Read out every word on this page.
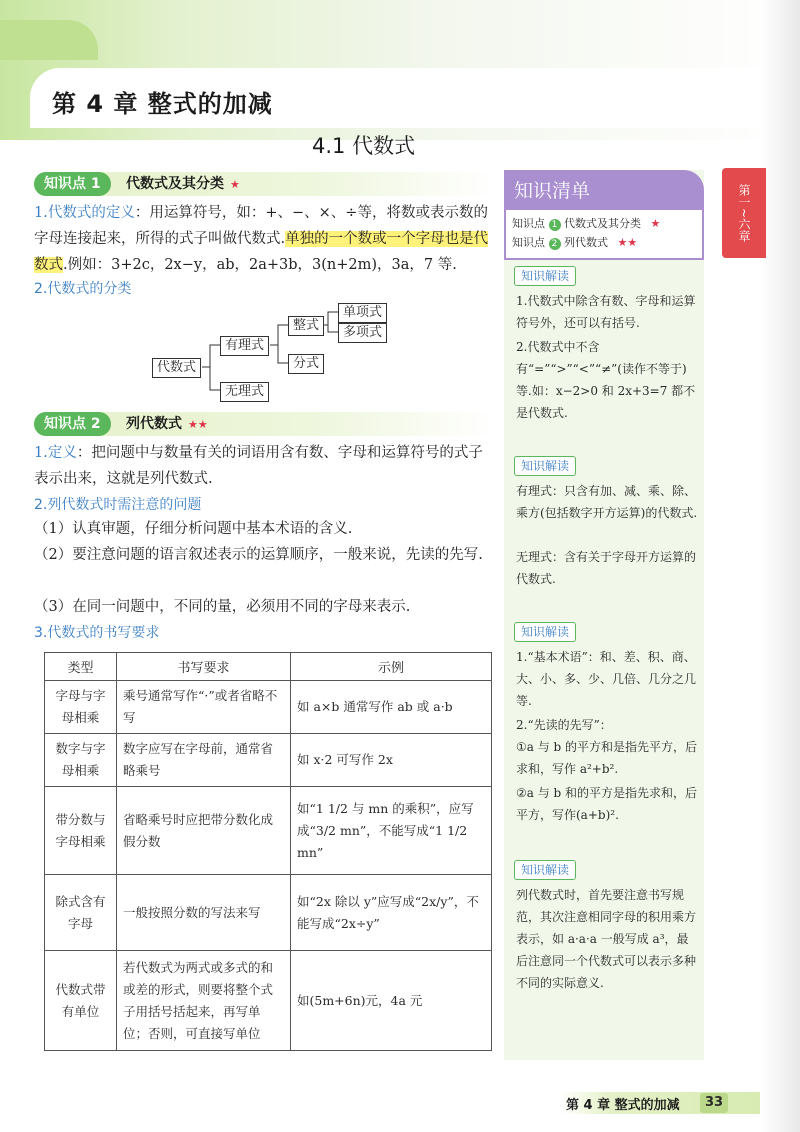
第 4 章 整式的加减
4.1 代数式
知识点 1	代数式及其分类 ★
1.代数式的定义：用运算符号，如：+、−、×、÷等，将数或表示数的字母连接起来，所得的式子叫做代数式.单独的一个数或一个字母也是代数式.例如：3+2c，2x−y，ab，2a+3b，3(n+2m)，3a，7 等.
2.代数式的分类
代数式
有理式
无理式
整式
分式
单项式
多项式
知识点 2	列代数式 ★★
1.定义：把问题中与数量有关的词语用含有数、字母和运算符号的式子表示出来，这就是列代数式.
2.列代数式时需注意的问题
（1）认真审题，仔细分析问题中基本术语的含义.
（2）要注意问题的语言叙述表示的运算顺序，一般来说，先读的先写.
（3）在同一问题中，不同的量，必须用不同的字母来表示.
3.代数式的书写要求
类型	书写要求	示例
字母与字母相乘	乘号通常写作“·”或者省略不写	如 a×b 通常写作 ab 或 a·b
数字与字母相乘	数字应写在字母前，通常省略乘号	如 x·2 可写作 2x
带分数与字母相乘	省略乘号时应把带分数化成假分数	如“1 1/2 与 mn 的乘积”，应写成“3/2 mn”，不能写成“1 1/2 mn”
除式含有字母	一般按照分数的写法来写	如“2x 除以 y”应写成“2x/y”，不能写成“2x÷y”
代数式带有单位	若代数式为两式或多式的和或差的形式，则要将整个式子用括号括起来，再写单位；否则，可直接写单位	如(5m+6n)元，4a 元
知识清单
知识点 1 代数式及其分类 ★
知识点 2 列代数式 ★★
知识解读
1.代数式中除含有数、字母和运算符号外，还可以有括号.
2.代数式中不含有“=”“>”“<”“≠”(读作不等于)等.如：x−2>0 和 2x+3=7 都不是代数式.
知识解读
有理式：只含有加、减、乘、除、乘方(包括数字开方运算)的代数式.
无理式：含有关于字母开方运算的代数式.
知识解读
1.“基本术语”：和、差、积、商、大、小、多、少、几倍、几分之几等.
2.“先读的先写”：
①a 与 b 的平方和是指先平方，后求和，写作 a²+b².
②a 与 b 和的平方是指先求和，后平方，写作(a+b)².
知识解读
列代数式时，首先要注意书写规范，其次注意相同字母的积用乘方表示，如 a·a·a 一般写成 a³，最后注意同一个代数式可以表示多种不同的实际意义.
第一~六章
第 4 章 整式的加减	33
